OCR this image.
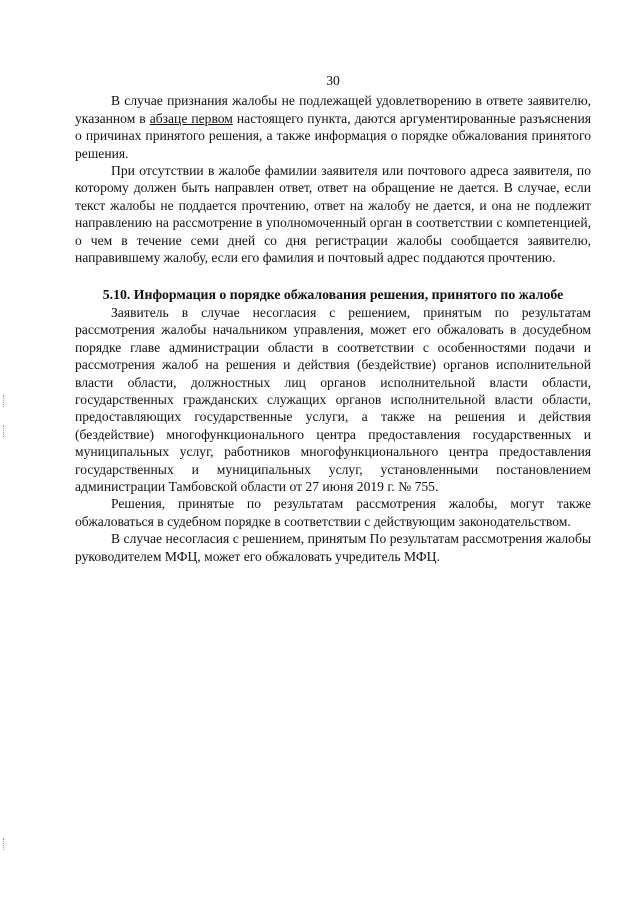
30

В случае признания жалобы не подлежащей удовлетворению в ответе заявителю, указанном в абзаце первом настоящего пункта, даются аргументированные разъяснения о причинах принятого решения, а также информация о порядке обжалования принятого решения.

При отсутствии в жалобе фамилии заявителя или почтового адреса заявителя, по которому должен быть направлен ответ, ответ на обращение не дается. В случае, если текст жалобы не поддается прочтению, ответ на жалобу не дается, и она не подлежит направлению на рассмотрение в уполномоченный орган в соответствии с компетенцией, о чем в течение семи дней со дня регистрации жалобы сообщается заявителю, направившему жалобу, если его фамилия и почтовый адрес поддаются прочтению.

5.10. Информация о порядке обжалования решения, принятого по жалобе

Заявитель в случае несогласия с решением, принятым по результатам рассмотрения жалобы начальником управления, может его обжаловать в досудебном порядке главе администрации области в соответствии с особенностями подачи и рассмотрения жалоб на решения и действия (бездействие) органов исполнительной власти области, должностных лиц органов исполнительной власти области, государственных гражданских служащих органов исполнительной власти области, предоставляющих государственные услуги, а также на решения и действия (бездействие) многофункционального центра предоставления государственных и муниципальных услуг, работников многофункционального центра предоставления государственных и муниципальных услуг, установленными постановлением администрации Тамбовской области от 27 июня 2019 г. № 755.

Решения, принятые по результатам рассмотрения жалобы, могут также обжаловаться в судебном порядке в соответствии с действующим законодательством.

В случае несогласия с решением, принятым По результатам рассмотрения жалобы руководителем МФЦ, может его обжаловать учредитель МФЦ.
